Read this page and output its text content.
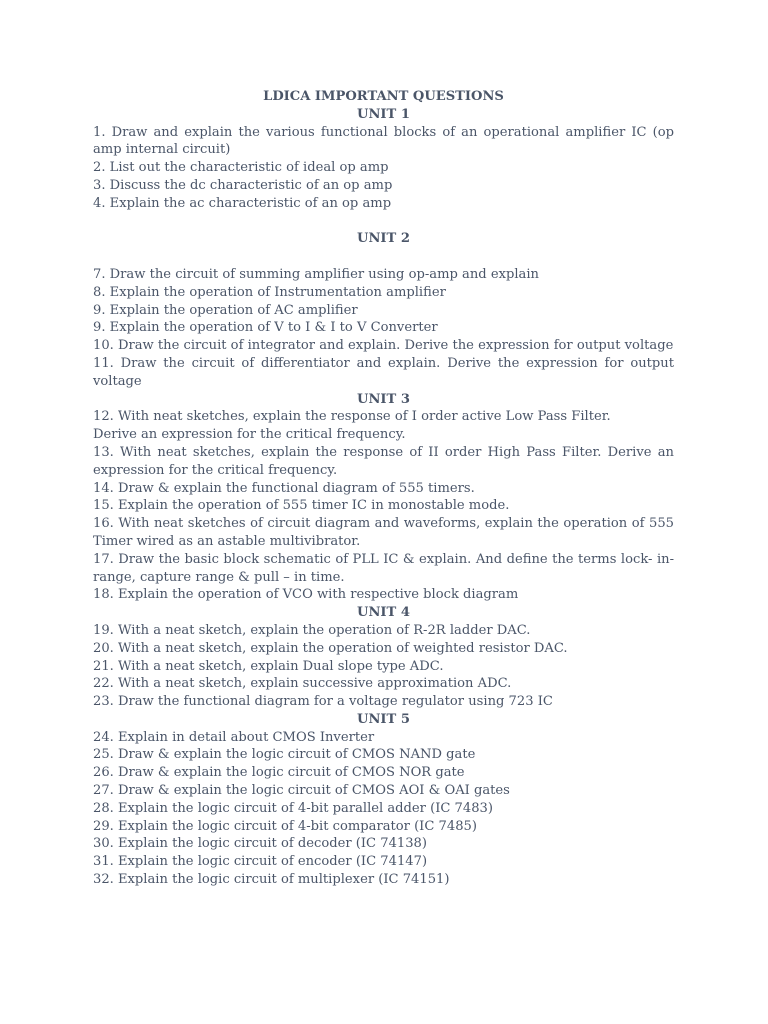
LDICA IMPORTANT QUESTIONS

UNIT 1

1. Draw and explain the various functional blocks of an operational amplifier IC (op amp internal circuit)

2. List out the characteristic of ideal op amp

3. Discuss the dc characteristic of an op amp

4. Explain the ac characteristic of an op amp

UNIT 2

7. Draw the circuit of summing amplifier using op-amp and explain

8. Explain the operation of Instrumentation amplifier

9. Explain the operation of AC amplifier

9. Explain the operation of V to I & I to V Converter

10. Draw the circuit of integrator and explain. Derive the expression for output voltage

11. Draw the circuit of differentiator and explain. Derive the expression for output voltage

UNIT 3

12. With neat sketches, explain the response of I order active Low Pass Filter.

Derive an expression for the critical frequency.

13. With neat sketches, explain the response of II order High Pass Filter. Derive an expression for the critical frequency.

14. Draw & explain the functional diagram of 555 timers.

15. Explain the operation of 555 timer IC in monostable mode.

16. With neat sketches of circuit diagram and waveforms, explain the operation of 555 Timer wired as an astable multivibrator.

17. Draw the basic block schematic of PLL IC & explain. And define the terms lock- in-range, capture range & pull – in time.

18. Explain the operation of VCO with respective block diagram

UNIT 4

19. With a neat sketch, explain the operation of R-2R ladder DAC.

20. With a neat sketch, explain the operation of weighted resistor DAC.

21. With a neat sketch, explain Dual slope type ADC.

22. With a neat sketch, explain successive approximation ADC.

23. Draw the functional diagram for a voltage regulator using 723 IC

UNIT 5

24. Explain in detail about CMOS Inverter

25. Draw & explain the logic circuit of CMOS NAND gate

26. Draw & explain the logic circuit of CMOS NOR gate

27. Draw & explain the logic circuit of CMOS AOI & OAI gates

28. Explain the logic circuit of 4-bit parallel adder (IC 7483)

29. Explain the logic circuit of 4-bit comparator (IC 7485)

30. Explain the logic circuit of decoder (IC 74138)

31. Explain the logic circuit of encoder (IC 74147)

32. Explain the logic circuit of multiplexer (IC 74151)
